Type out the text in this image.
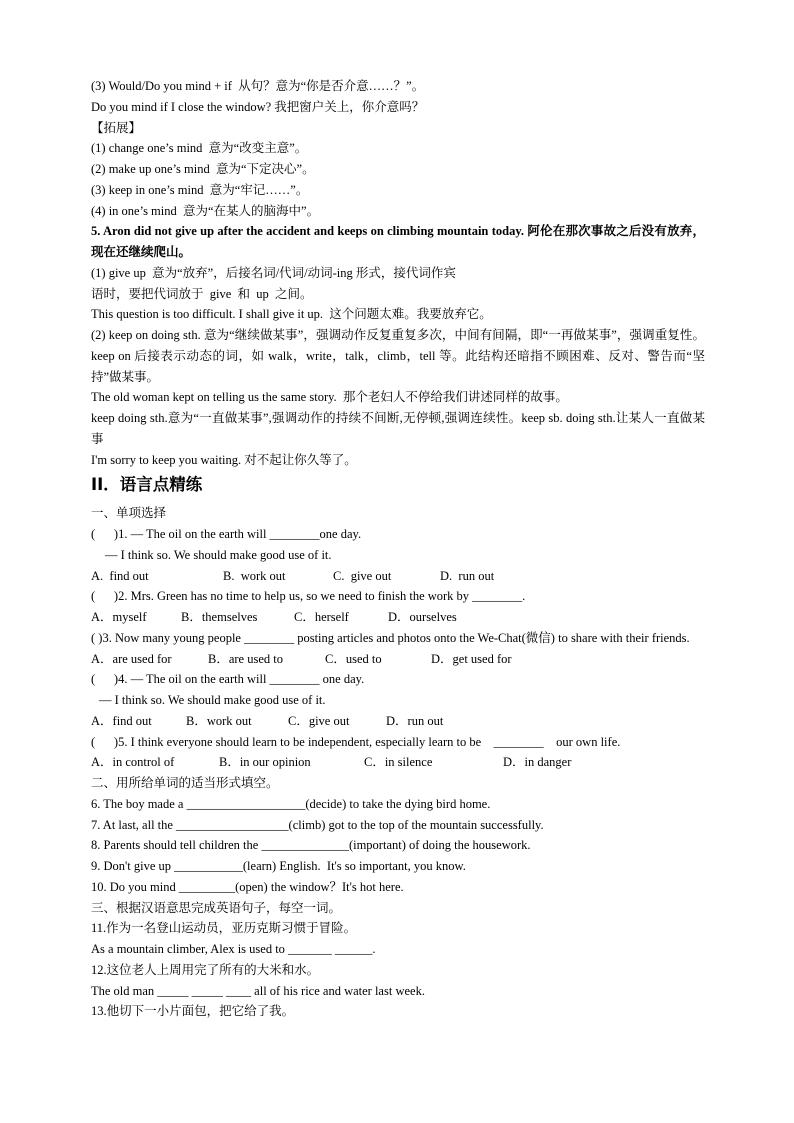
(3) Would/Do you mind + if  从句？意为“你是否介意……？”。
Do you mind if I close the window? 我把窗户关上，你介意吗？
【拓展】
(1) change one’s mind  意为“改变主意”。
(2) make up one’s mind  意为“下定决心”。
(3) keep in one’s mind  意为“牢记……”。
(4) in one’s mind  意为“在某人的脑海中”。
5. Aron did not give up after the accident and keeps on climbing mountain today. 阿伦在那次事故之后没有放弃，现在还继续爬山。
(1) give up  意为“放弃”，后接名词/代词/动词-ing 形式，接代词作宾
语时，要把代词放于  give  和  up  之间。
This question is too difficult. I shall give it up.  这个问题太难。我要放弃它。
(2) keep on doing sth. 意为“继续做某事”，强调动作反复重复多次，中间有间隔，即“一再做某事”，强调重复性。keep on 后接表示动态的词，如 walk，write，talk，climb，tell 等。此结构还暗指不顾困难、反对、警告而“坚持”做某事。
The old woman kept on telling us the same story.  那个老妇人不停给我们讲述同样的故事。
keep doing sth.意为“一直做某事”,强调动作的持续不间断,无停顿,强调连续性。keep sb. doing sth.让某人一直做某事
I'm sorry to keep you waiting. 对不起让你久等了。
II．语言点精练
一、单项选择
(      )1. — The oil on the earth will ________one day.
— I think so. We should make good use of it.
A.  find out	B.  work out	C.  give out	D.  run out
(      )2. Mrs. Green has no time to help us, so we need to finish the work by ________.
A．myself	B．themselves	C．herself	D．ourselves
( )3. Now many young people ________ posting articles and photos onto the We-Chat(微信) to share with their friends.
A．are used for	B．are used to	C．used to	D．get used for
(      )4. — The oil on the earth will ________ one day.
— I think so. We should make good use of it.
A．find out	B．work out	C．give out	D．run out
(      )5. I think everyone should learn to be independent, especially learn to be    ________    our own life.
A．in control of	B．in our opinion	C．in silence	D．in danger
二、用所给单词的适当形式填空。
6. The boy made a ___________________(decide) to take the dying bird home.
7. At last, all the __________________(climb) got to the top of the mountain successfully.
8. Parents should tell children the ______________(important) of doing the housework.
9. Don't give up ___________(learn) English.  It's so important, you know.
10. Do you mind _________(open) the window？It's hot here.
三、根据汉语意思完成英语句子，每空一词。
11.作为一名登山运动员，亚历克斯习惯于冒险。
As a mountain climber, Alex is used to _______ ______.
12.这位老人上周用完了所有的大米和水。
The old man _____ _____ ____ all of his rice and water last week.
13.他切下一小片面包，把它给了我。
